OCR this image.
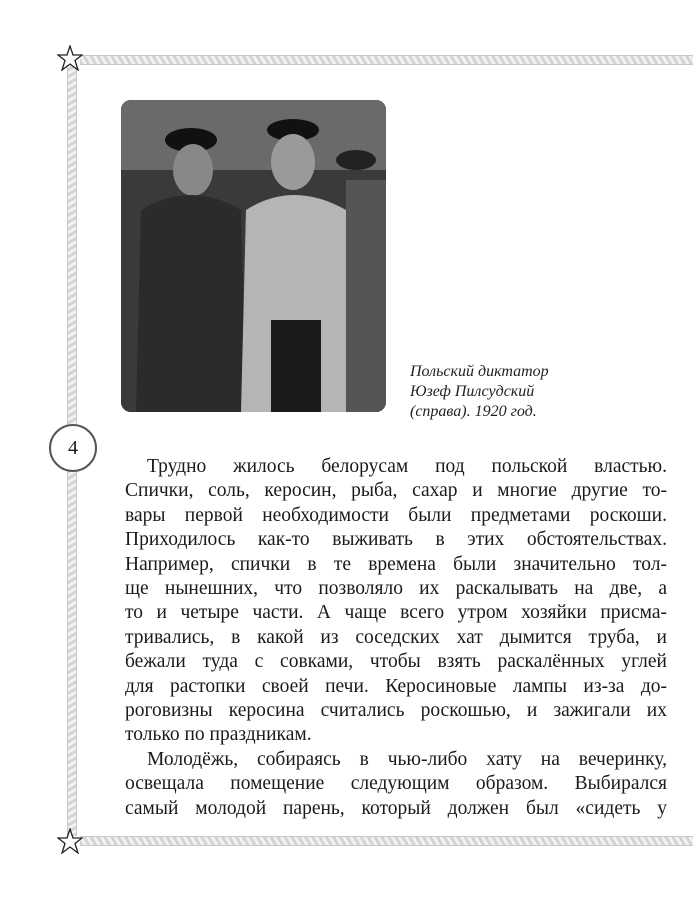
Польский диктатор
Юзеф Пилсудский
(справа). 1920 год.
4
Трудно жилось белорусам под польской властью.
Спички, соль, керосин, рыба, сахар и многие другие то-
вары первой необходимости были предметами роскоши.
Приходилось как-то выживать в этих обстоятельствах.
Например, спички в те времена были значительно тол-
ще нынешних, что позволяло их раскалывать на две, а
то и четыре части. А чаще всего утром хозяйки присма-
тривались, в какой из соседских хат дымится труба, и
бежали туда с совками, чтобы взять раскалённых углей
для растопки своей печи. Керосиновые лампы из-за до-
роговизны керосина считались роскошью, и зажигали их
только по праздникам.
Молодёжь, собираясь в чью-либо хату на вечеринку,
освещала помещение следующим образом. Выбирался
самый молодой парень, который должен был «сидеть у
